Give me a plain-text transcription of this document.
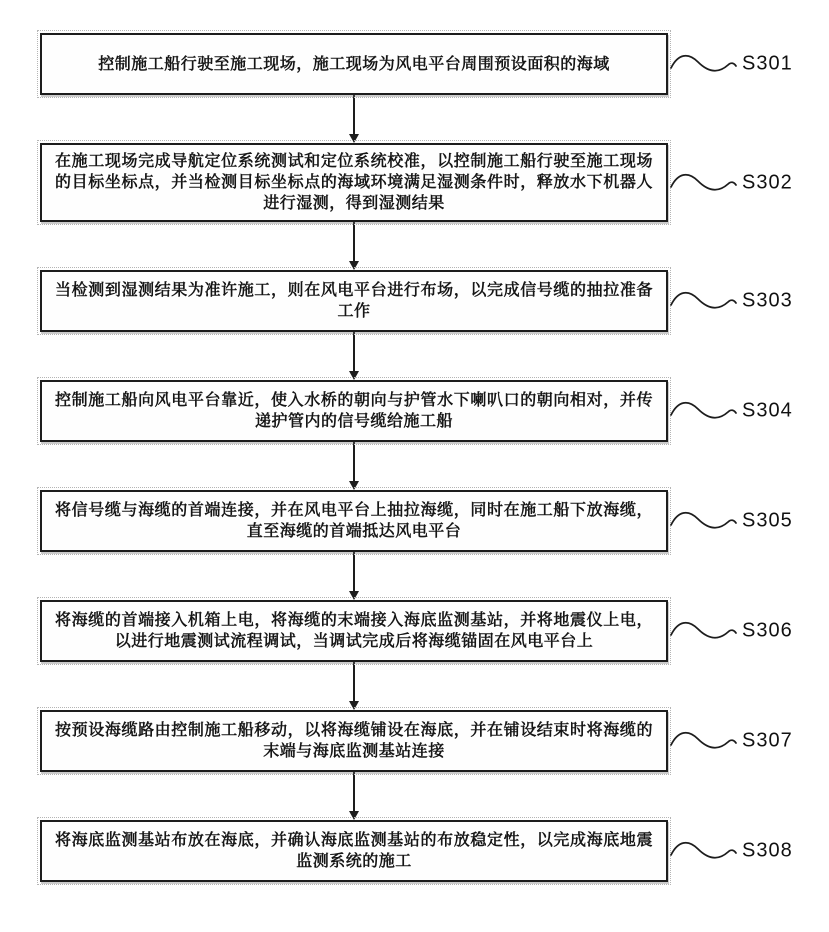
控制施工船行驶至施工现场，施工现场为风电平台周围预设面积的海域	S301
在施工现场完成导航定位系统测试和定位系统校准，以控制施工船行驶至施工现场的目标坐标点，并当检测目标坐标点的海域环境满足湿测条件时，释放水下机器人进行湿测，得到湿测结果
S302
当检测到湿测结果为准许施工，则在风电平台进行布场，以完成信号缆的抽拉准备工作	S303
控制施工船向风电平台靠近，使入水桥的朝向与护管水下喇叭口的朝向相对，并传递护管内的信号缆给施工船	S304
将信号缆与海缆的首端连接，并在风电平台上抽拉海缆，同时在施工船下放海缆，直至海缆的首端抵达风电平台	S305
将海缆的首端接入机箱上电，将海缆的末端接入海底监测基站，并将地震仪上电，以进行地震测试流程调试，当调试完成后将海缆锚固在风电平台上	S306
按预设海缆路由控制施工船移动，以将海缆铺设在海底，并在铺设结束时将海缆的末端与海底监测基站连接	S307
将海底监测基站布放在海底，并确认海底监测基站的布放稳定性，以完成海底地震监测系统的施工	S308
